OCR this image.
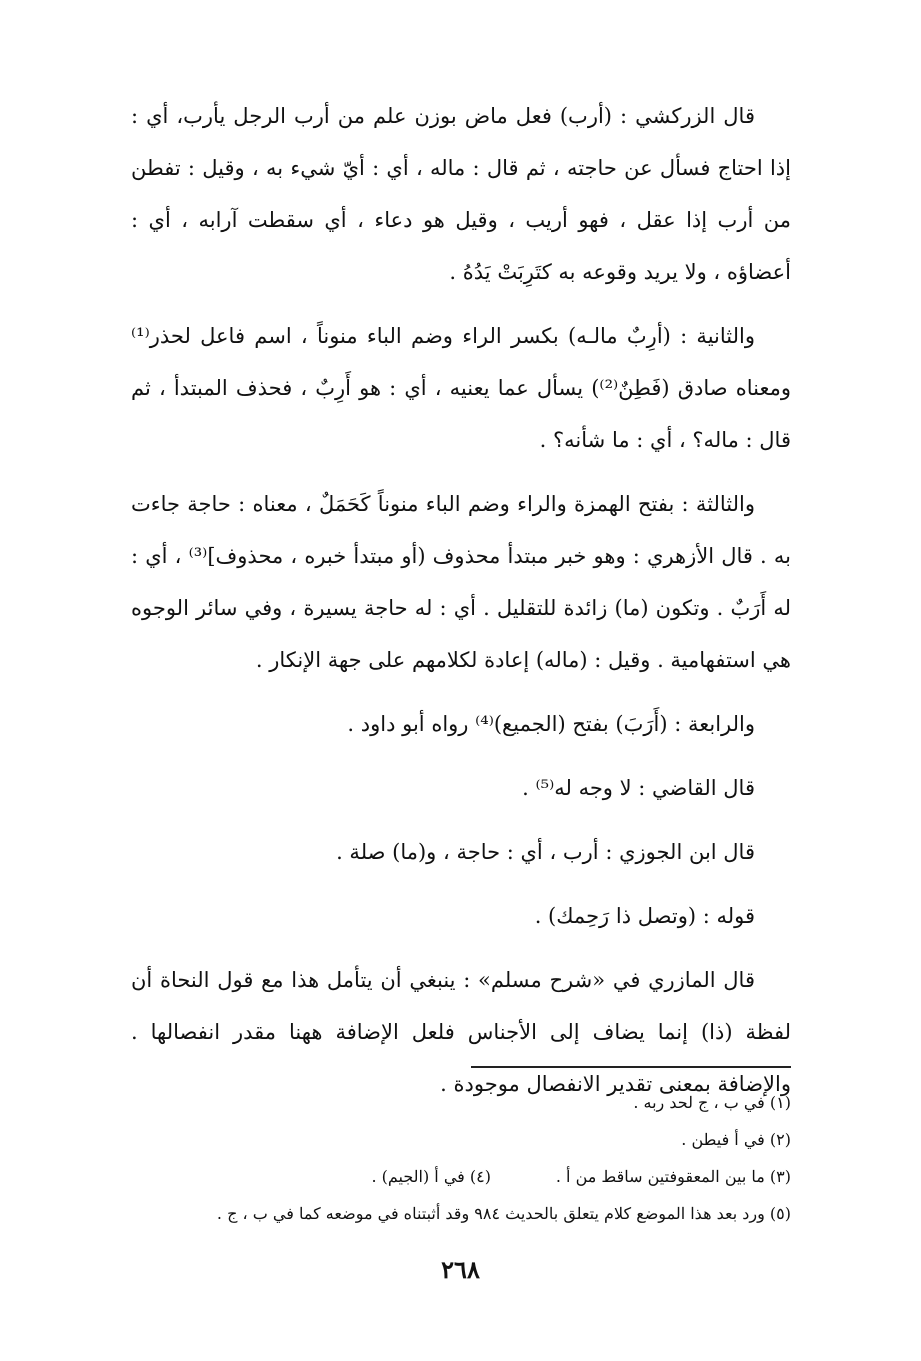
قال الزركشي : (أرب) فعل ماض بوزن علم من أرب الرجل يأرب، أي : إذا احتاج فسأل عن حاجته ، ثم قال : ماله ، أي : أيّ شيء به ، وقيل : تفطن من أرب إذا عقل ، فهو أريب ، وقيل هو دعاء ، أي سقطت آرابه ، أي : أعضاؤه ، ولا يريد وقوعه به كتَرِبَتْ يَدُهُ .

والثانية : (أرِبٌ مالـه) بكسر الراء وضم الباء منوناً ، اسم فاعل لحذر⁽¹⁾ ومعناه صادق (فَطِنٌ⁽²⁾) يسأل عما يعنيه ، أي : هو أَرِبٌ ، فحذف المبتدأ ، ثم قال : ماله؟ ، أي : ما شأنه؟ .

والثالثة : بفتح الهمزة والراء وضم الباء منوناً كَحَمَلٌ ، معناه : حاجة جاءت به . قال الأزهري : وهو خبر مبتدأ محذوف (أو مبتدأ خبره ، محذوف]⁽³⁾ ، أي : له أَرَبٌ . وتكون (ما) زائدة للتقليل . أي : له حاجة يسيرة ، وفي سائر الوجوه هي استفهامية . وقيل : (ماله) إعادة لكلامهم على جهة الإنكار .

والرابعة : (أَرَبَ) بفتح (الجميع)⁽⁴⁾ رواه أبو داود .

قال القاضي : لا وجه له⁽⁵⁾ .

قال ابن الجوزي : أرب ، أي : حاجة ، و(ما) صلة .

قوله : (وتصل ذا رَحِمك) .

قال المازري في «شرح مسلم» : ينبغي أن يتأمل هذا مع قول النحاة أن لفظة (ذا) إنما يضاف إلى الأجناس فلعل الإضافة ههنا مقدر انفصالها . والإضافة بمعنى تقدير الانفصال موجودة .

(١) في ب ، ج لحد ربه .
(٢) في أ فيطن .
(٣) ما بين المعقوفتين ساقط من أ .
(٤) في أ (الجيم) .
(٥) ورد بعد هذا الموضع كلام يتعلق بالحديث ٩٨٤ وقد أثبتناه في موضعه كما في ب ، ج .
٢٦٨
